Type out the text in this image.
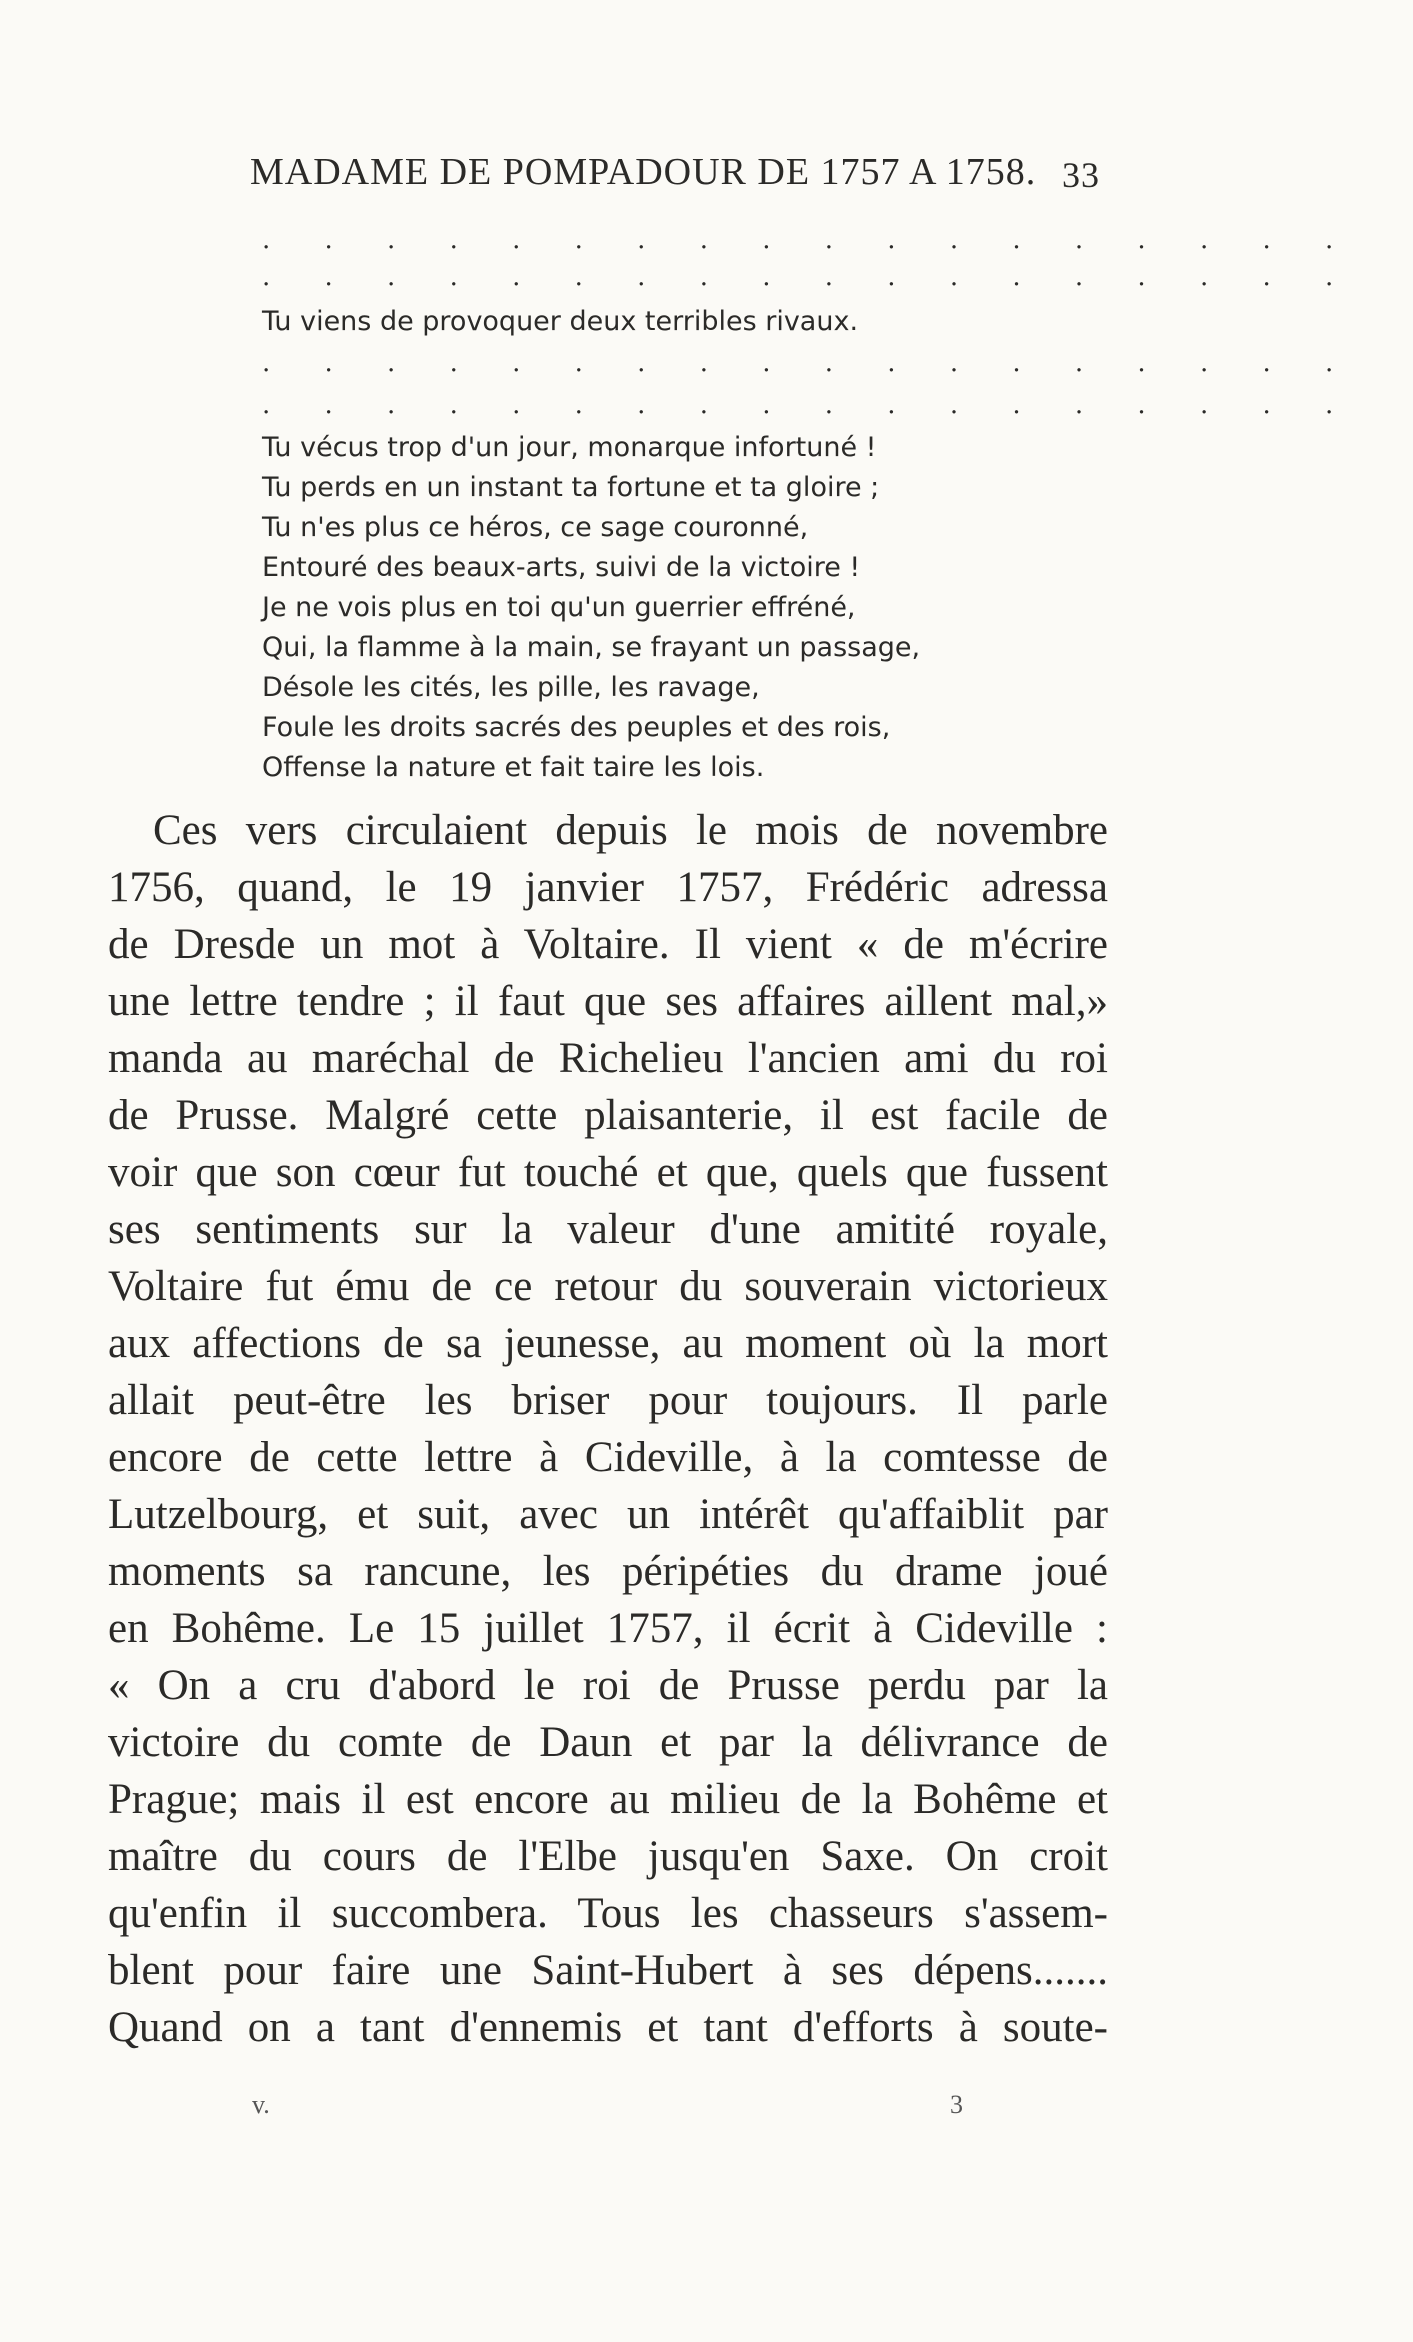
MADAME DE POMPADOUR DE 1757 A 1758. 33
. . . . . . . . . . . . . . . . . .
. . . . . . . . . . . . . . . . . .
Tu viens de provoquer deux terribles rivaux.
. . . . . . . . . . . . . . . . . .
. . . . . . . . . . . . . . . . . .
Tu vécus trop d'un jour, monarque infortuné !
Tu perds en un instant ta fortune et ta gloire ;
Tu n'es plus ce héros, ce sage couronné,
Entouré des beaux-arts, suivi de la victoire !
Je ne vois plus en toi qu'un guerrier effréné,
Qui, la flamme à la main, se frayant un passage,
Désole les cités, les pille, les ravage,
Foule les droits sacrés des peuples et des rois,
Offense la nature et fait taire les lois.
Ces vers circulaient depuis le mois de novembre
1756, quand, le 19 janvier 1757, Frédéric adressa
de Dresde un mot à Voltaire. Il vient « de m'écrire
une lettre tendre ; il faut que ses affaires aillent mal,»
manda au maréchal de Richelieu l'ancien ami du roi
de Prusse. Malgré cette plaisanterie, il est facile de
voir que son cœur fut touché et que, quels que fussent
ses sentiments sur la valeur d'une amitité royale,
Voltaire fut ému de ce retour du souverain victorieux
aux affections de sa jeunesse, au moment où la mort
allait peut-être les briser pour toujours. Il parle
encore de cette lettre à Cideville, à la comtesse de
Lutzelbourg, et suit, avec un intérêt qu'affaiblit par
moments sa rancune, les péripéties du drame joué
en Bohême. Le 15 juillet 1757, il écrit à Cideville :
« On a cru d'abord le roi de Prusse perdu par la
victoire du comte de Daun et par la délivrance de
Prague; mais il est encore au milieu de la Bohême et
maître du cours de l'Elbe jusqu'en Saxe. On croit
qu'enfin il succombera. Tous les chasseurs s'assem-
blent pour faire une Saint-Hubert à ses dépens.......
Quand on a tant d'ennemis et tant d'efforts à soute-
v.	3
